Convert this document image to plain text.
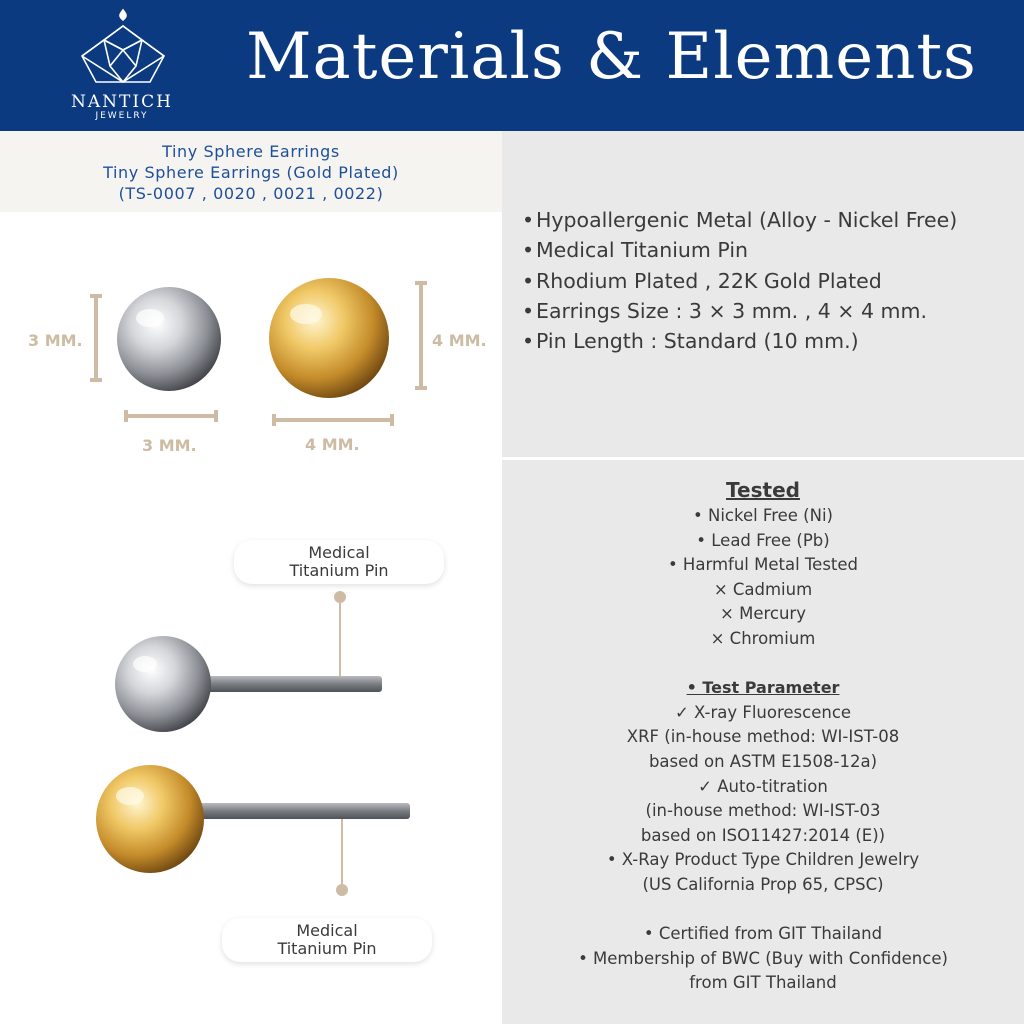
NANTICH
JEWELRY
Materials & Elements
Tiny Sphere Earrings
Tiny Sphere Earrings (Gold Plated)
(TS-0007 , 0020 , 0021 , 0022)
•Hypoallergenic Metal (Alloy - Nickel Free)
•Medical Titanium Pin
•Rhodium Plated , 22K Gold Plated
•Earrings Size : 3 × 3 mm. , 4 × 4 mm.
•Pin Length : Standard (10 mm.)
Tested
• Nickel Free (Ni)
• Lead Free (Pb)
• Harmful Metal Tested
× Cadmium
× Mercury
× Chromium
• Test Parameter
✓ X-ray Fluorescence
XRF (in-house method: WI-IST-08
based on ASTM E1508-12a)
✓ Auto-titration
(in-house method: WI-IST-03
based on ISO11427:2014 (E))
• X-Ray Product Type Children Jewelry
(US California Prop 65, CPSC)
• Certified from GIT Thailand
• Membership of BWC (Buy with Confidence)
from GIT Thailand
3 MM.
3 MM.
4 MM.
4 MM.
Medical
Titanium Pin
Medical
Titanium Pin
